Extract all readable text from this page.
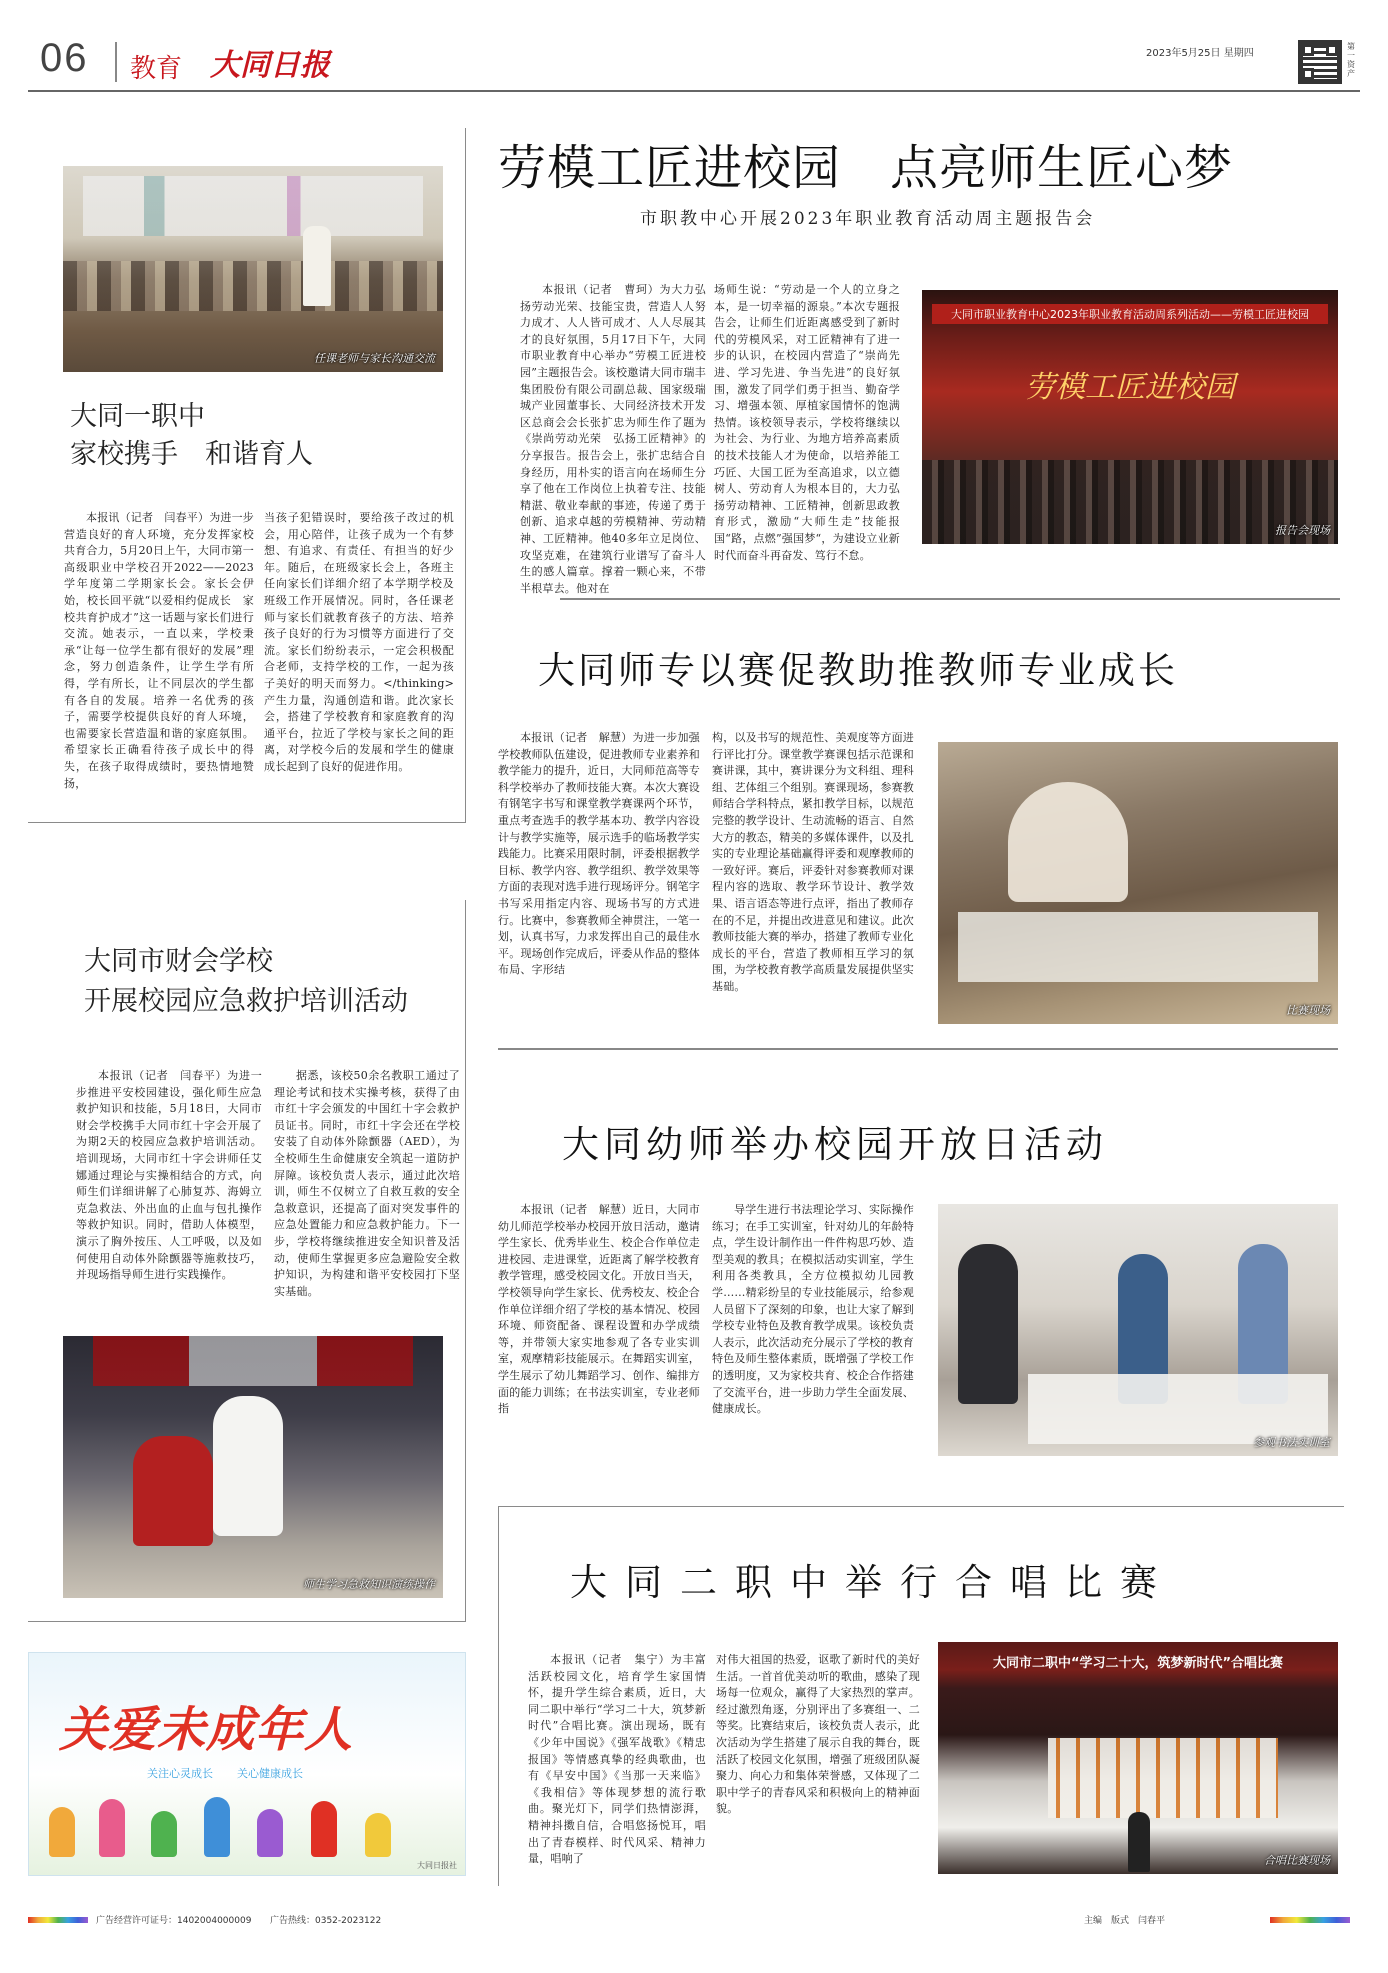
06 教育 大同日报	2023年5月25日 星期四
第一资产
任课老师与家长沟通交流
大同一职中
家校携手　和谐育人

本报讯（记者　闫春平）为进一步营造良好的育人环境，充分发挥家校共育合力，5月20日上午，大同市第一高级职业中学校召开2022——2023学年度第二学期家长会。家长会伊始，校长回平就“以爱相约促成长　家校共育护成才”这一话题与家长们进行交流。她表示，一直以来，学校秉承“让每一位学生都有很好的发展”理念，努力创造条件，让学生学有所得，学有所长，让不同层次的学生都有各自的发展。培养一名优秀的孩子，需要学校提供良好的育人环境，也需要家长营造温和谐的家庭氛围。希望家长正确看待孩子成长中的得失，在孩子取得成绩时，要热情地赞扬，

当孩子犯错误时，要给孩子改过的机会，用心陪伴，让孩子成为一个有梦想、有追求、有责任、有担当的好少年。随后，在班级家长会上，各班主任向家长们详细介绍了本学期学校及班级工作开展情况。同时，各任课老师与家长们就教育孩子的方法、培养孩子良好的行为习惯等方面进行了交流。家长们纷纷表示，一定会积极配合老师，支持学校的工作，一起为孩子美好的明天而努力。</thinking>产生力量，沟通创造和谐。此次家长会，搭建了学校教育和家庭教育的沟通平台，拉近了学校与家长之间的距离，对学校今后的发展和学生的健康成长起到了良好的促进作用。

大同市财会学校
开展校园应急救护培训活动

本报讯（记者　闫春平）为进一步推进平安校园建设，强化师生应急救护知识和技能，5月18日，大同市财会学校携手大同市红十字会开展了为期2天的校园应急救护培训活动。培训现场，大同市红十字会讲师任艾娜通过理论与实操相结合的方式，向师生们详细讲解了心肺复苏、海姆立克急救法、外出血的止血与包扎操作等救护知识。同时，借助人体模型，演示了胸外按压、人工呼吸，以及如何使用自动体外除颤器等施救技巧，并现场指导师生进行实践操作。

据悉，该校50余名教职工通过了理论考试和技术实操考核，获得了由市红十字会颁发的中国红十字会救护员证书。同时，市红十字会还在学校安装了自动体外除颤器（AED），为全校师生生命健康安全筑起一道防护屏障。该校负责人表示，通过此次培训，师生不仅树立了自救互救的安全急救意识，还提高了面对突发事件的应急处置能力和应急救护能力。下一步，学校将继续推进安全知识普及活动，使师生掌握更多应急避险安全救护知识，为构建和谐平安校园打下坚实基础。

师生学习急救知识演练操作
关爱未成年人
关注心灵成长 关心健康成长
大同日报社
劳模工匠进校园　点亮师生匠心梦
市职教中心开展2023年职业教育活动周主题报告会

本报讯（记者　曹珂）为大力弘扬劳动光荣、技能宝贵，营造人人努力成才、人人皆可成才、人人尽展其才的良好氛围，5月17日下午，大同市职业教育中心举办“劳模工匠进校园”主题报告会。该校邀请大同市瑞丰集团股份有限公司副总裁、国家级瑞城产业园董事长、大同经济技术开发区总商会会长张扩忠为师生作了题为《崇尚劳动光荣　弘扬工匠精神》的分享报告。报告会上，张扩忠结合自身经历，用朴实的语言向在场师生分享了他在工作岗位上执着专注、技能精湛、敬业奉献的事迹，传递了勇于创新、追求卓越的劳模精神、劳动精神、工匠精神。他40多年立足岗位、攻坚克难，在建筑行业谱写了奋斗人生的感人篇章。撑着一颗心来，不带半根草去。他对在

场师生说：“劳动是一个人的立身之本，是一切幸福的源泉。”本次专题报告会，让师生们近距离感受到了新时代的劳模风采，对工匠精神有了进一步的认识，在校园内营造了“崇尚先进、学习先进、争当先进”的良好氛围，激发了同学们勇于担当、勤奋学习、增强本领、厚植家国情怀的饱满热情。该校领导表示，学校将继续以为社会、为行业、为地方培养高素质的技术技能人才为使命，以培养能工巧匠、大国工匠为至高追求，以立德树人、劳动育人为根本目的，大力弘扬劳动精神、工匠精神，创新思政教育形式，激励“大师生走”技能报国“路，点燃”强国梦“，为建设立业新时代而奋斗再奋发、笃行不怠。

大同市职业教育中心2023年职业教育活动周系列活动——劳模工匠进校园
劳模工匠进校园
报告会现场
大同师专以赛促教助推教师专业成长

本报讯（记者　解慧）为进一步加强学校教师队伍建设，促进教师专业素养和教学能力的提升，近日，大同师范高等专科学校举办了教师技能大赛。本次大赛设有钢笔字书写和课堂教学赛课两个环节，重点考查选手的教学基本功、教学内容设计与教学实施等，展示选手的临场教学实践能力。比赛采用限时制，评委根据教学目标、教学内容、教学组织、教学效果等方面的表现对选手进行现场评分。钢笔字书写采用指定内容、现场书写的方式进行。比赛中，参赛教师全神贯注，一笔一划，认真书写，力求发挥出自己的最佳水平。现场创作完成后，评委从作品的整体布局、字形结

构，以及书写的规范性、美观度等方面进行评比打分。课堂教学赛课包括示范课和赛讲课，其中，赛讲课分为文科组、理科组、艺体组三个组别。赛课现场，参赛教师结合学科特点，紧扣教学目标，以规范完整的教学设计、生动流畅的语言、自然大方的教态，精美的多媒体课件，以及扎实的专业理论基础赢得评委和观摩教师的一致好评。赛后，评委针对参赛教师对课程内容的选取、教学环节设计、教学效果、语言语态等进行点评，指出了教师存在的不足，并提出改进意见和建议。此次教师技能大赛的举办，搭建了教师专业化成长的平台，营造了教师相互学习的氛围，为学校教育教学高质量发展提供坚实基础。

比赛现场
大同幼师举办校园开放日活动

本报讯（记者　解慧）近日，大同市幼儿师范学校举办校园开放日活动，邀请学生家长、优秀毕业生、校企合作单位走进校园、走进课堂，近距离了解学校教育教学管理，感受校园文化。开放日当天，学校领导向学生家长、优秀校友、校企合作单位详细介绍了学校的基本情况、校园环境、师资配备、课程设置和办学成绩等，并带领大家实地参观了各专业实训室，观摩精彩技能展示。在舞蹈实训室，学生展示了幼儿舞蹈学习、创作、编排方面的能力训练；在书法实训室，专业老师指

导学生进行书法理论学习、实际操作练习；在手工实训室，针对幼儿的年龄特点，学生设计制作出一件件构思巧妙、造型美观的教具；在模拟活动实训室，学生利用各类教具，全方位模拟幼儿园教学……精彩纷呈的专业技能展示，给参观人员留下了深刻的印象，也让大家了解到学校专业特色及教育教学成果。该校负责人表示，此次活动充分展示了学校的教育特色及师生整体素质，既增强了学校工作的透明度，又为家校共育、校企合作搭建了交流平台，进一步助力学生全面发展、健康成长。

参观书法实训室
大同二职中举行合唱比赛

本报讯（记者　集宁）为丰富活跃校园文化，培育学生家国情怀，提升学生综合素质，近日，大同二职中举行“学习二十大，筑梦新时代”合唱比赛。演出现场，既有《少年中国说》《强军战歌》《精忠报国》等情感真挚的经典歌曲，也有《早安中国》《当那一天来临》《我相信》等体现梦想的流行歌曲。聚光灯下，同学们热情澎湃，精神抖擞自信，合唱悠扬悦耳，唱出了青春模样、时代风采、精神力量，唱响了

对伟大祖国的热爱，讴歌了新时代的美好生活。一首首优美动听的歌曲，感染了现场每一位观众，赢得了大家热烈的掌声。经过激烈角逐，分别评出了多赛组一、二等奖。比赛结束后，该校负责人表示，此次活动为学生搭建了展示自我的舞台，既活跃了校园文化氛围，增强了班级团队凝聚力、向心力和集体荣誉感，又体现了二职中学子的青春风采和积极向上的精神面貌。

大同市二职中“学习二十大，筑梦新时代”合唱比赛
合唱比赛现场
广告经营许可证号：1402004000009 广告热线：0352-2023122	主编　版式　闫春平
